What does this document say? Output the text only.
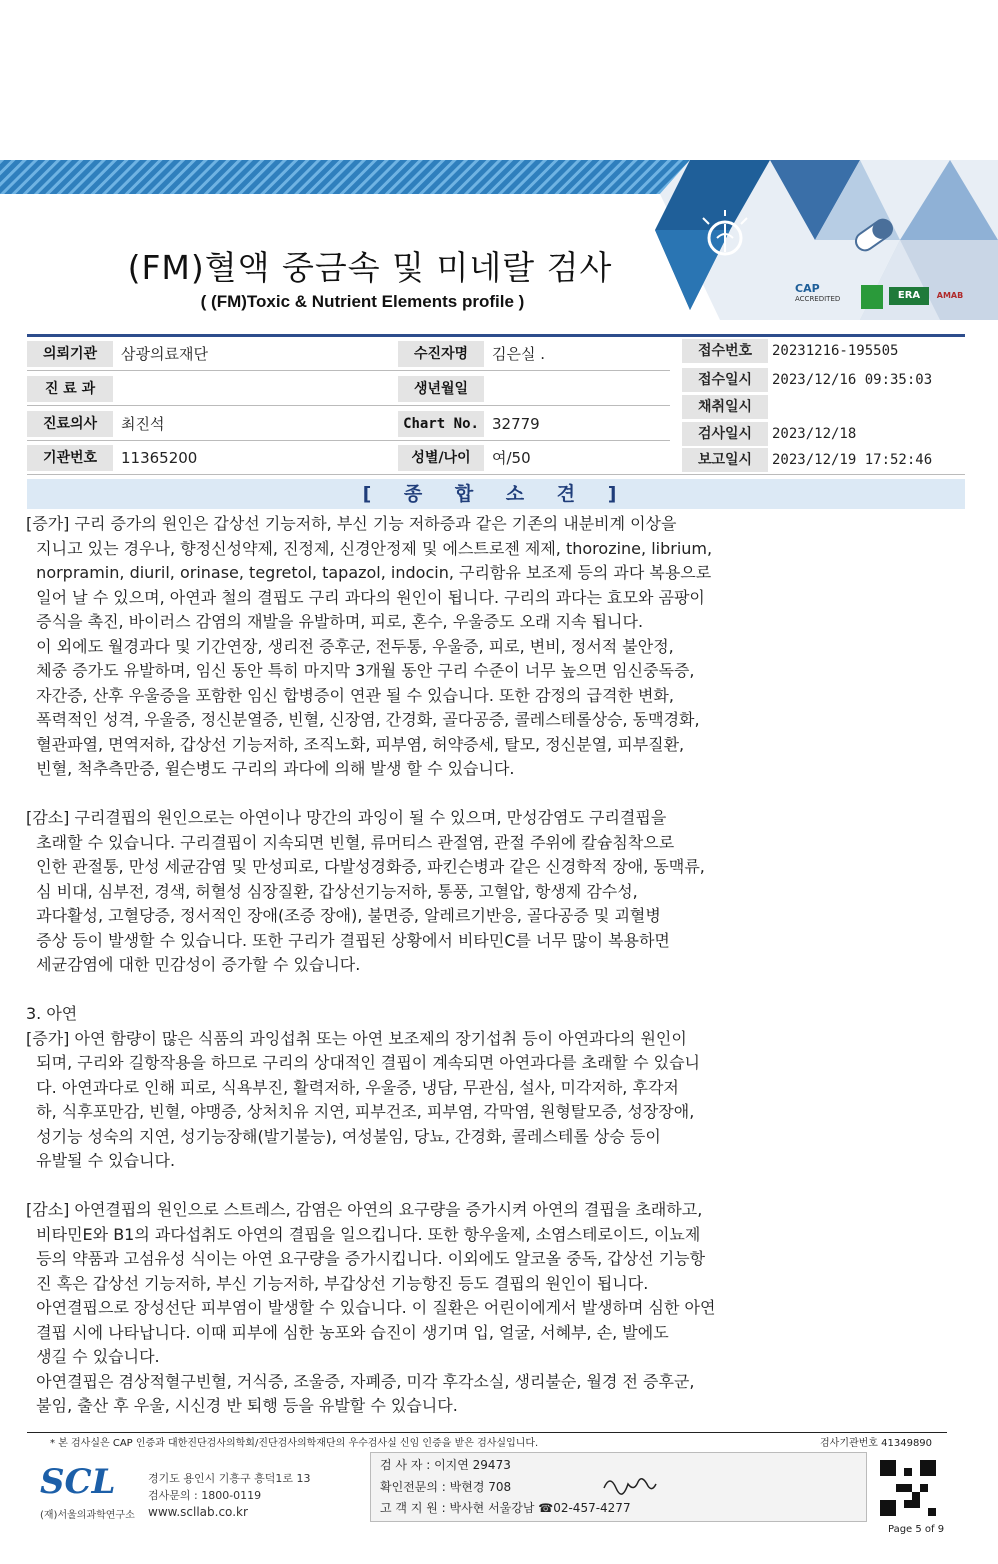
(FM)혈액 중금속 및 미네랄 검사
( (FM)Toxic & Nutrient Elements profile )
CAP
ACCREDITED	ERA	AMAB
의뢰기관	삼광의료재단	수진자명	김은실 .
진 료 과	생년월일
진료의사	최진석	Chart No. 32779
기관번호	11365200	성별/나이	여/50
접수번호	20231216-195505
접수일시	2023/12/16 09:35:03
채취일시
검사일시	2023/12/18
보고일시	2023/12/19 17:52:46
[ 종 합 소 견 ]
[증가] 구리 증가의 원인은 갑상선 기능저하, 부신 기능 저하증과 같은 기존의 내분비계 이상을
지니고 있는 경우나, 향정신성약제, 진정제, 신경안정제 및 에스트로젠 제제, thorozine, librium,
norpramin, diuril, orinase, tegretol, tapazol, indocin, 구리함유 보조제 등의 과다 복용으로
일어 날 수 있으며, 아연과 철의 결핍도 구리 과다의 원인이 됩니다. 구리의 과다는 효모와 곰팡이
증식을 촉진, 바이러스 감염의 재발을 유발하며, 피로, 혼수, 우울증도 오래 지속 됩니다.
이 외에도 월경과다 및 기간연장, 생리전 증후군, 전두통, 우울증, 피로, 변비, 정서적 불안정,
체중 증가도 유발하며, 임신 동안 특히 마지막 3개월 동안 구리 수준이 너무 높으면 임신중독증,
자간증, 산후 우울증을 포함한 임신 합병증이 연관 될 수 있습니다. 또한 감정의 급격한 변화,
폭력적인 성격, 우울증, 정신분열증, 빈혈, 신장염, 간경화, 골다공증, 콜레스테롤상승, 동맥경화,
혈관파열, 면역저하, 갑상선 기능저하, 조직노화, 피부염, 허약증세, 탈모, 정신분열, 피부질환,
빈혈, 척추측만증, 윌슨병도 구리의 과다에 의해 발생 할 수 있습니다.
[감소] 구리결핍의 원인으로는 아연이나 망간의 과잉이 될 수 있으며, 만성감염도 구리결핍을
초래할 수 있습니다. 구리결핍이 지속되면 빈혈, 류머티스 관절염, 관절 주위에 칼슘침착으로
인한 관절통, 만성 세균감염 및 만성피로, 다발성경화증, 파킨슨병과 같은 신경학적 장애, 동맥류,
심 비대, 심부전, 경색, 허혈성 심장질환, 갑상선기능저하, 통풍, 고혈압, 항생제 감수성,
과다활성, 고혈당증, 정서적인 장애(조증 장애), 불면증, 알레르기반응, 골다공증 및 괴혈병
증상 등이 발생할 수 있습니다. 또한 구리가 결핍된 상황에서 비타민C를 너무 많이 복용하면
세균감염에 대한 민감성이 증가할 수 있습니다.
3. 아연
[증가] 아연 함량이 많은 식품의 과잉섭취 또는 아연 보조제의 장기섭취 등이 아연과다의 원인이
되며, 구리와 길항작용을 하므로 구리의 상대적인 결핍이 계속되면 아연과다를 초래할 수 있습니
다. 아연과다로 인해 피로, 식욕부진, 활력저하, 우울증, 냉담, 무관심, 설사, 미각저하, 후각저
하, 식후포만감, 빈혈, 야맹증, 상처치유 지연, 피부건조, 피부염, 각막염, 원형탈모증, 성장장애,
성기능 성숙의 지연, 성기능장해(발기불능), 여성불임, 당뇨, 간경화, 콜레스테롤 상승 등이
유발될 수 있습니다.
[감소] 아연결핍의 원인으로 스트레스, 감염은 아연의 요구량을 증가시켜 아연의 결핍을 초래하고,
비타민E와 B1의 과다섭취도 아연의 결핍을 일으킵니다. 또한 항우울제, 소염스테로이드, 이뇨제
등의 약품과 고섬유성 식이는 아연 요구량을 증가시킵니다. 이외에도 알코올 중독, 갑상선 기능항
진 혹은 갑상선 기능저하, 부신 기능저하, 부갑상선 기능항진 등도 결핍의 원인이 됩니다.
아연결핍으로 장성선단 피부염이 발생할 수 있습니다. 이 질환은 어린이에게서 발생하며 심한 아연
결핍 시에 나타납니다. 이때 피부에 심한 농포와 습진이 생기며 입, 얼굴, 서혜부, 손, 발에도
생길 수 있습니다.
아연결핍은 겸상적혈구빈혈, 거식증, 조울증, 자폐증, 미각 후각소실, 생리불순, 월경 전 증후군,
불임, 출산 후 우울, 시신경 반 퇴행 등을 유발할 수 있습니다.
* 본 검사실은 CAP 인증과 대한진단검사의학회/진단검사의학재단의 우수검사실 신임 인증을 받은 검사실입니다.	검사기관번호 41349890
SCL
(재)서울의과학연구소
경기도 용인시 기흥구 흥덕1로 13
검사문의 : 1800-0119
www.scllab.co.kr
검 사 자 : 이지연 29473
확인전문의 : 박현경 708
고 객 지 원 : 박사현 서울강남 ☎02-457-4277
Page 5 of 9
